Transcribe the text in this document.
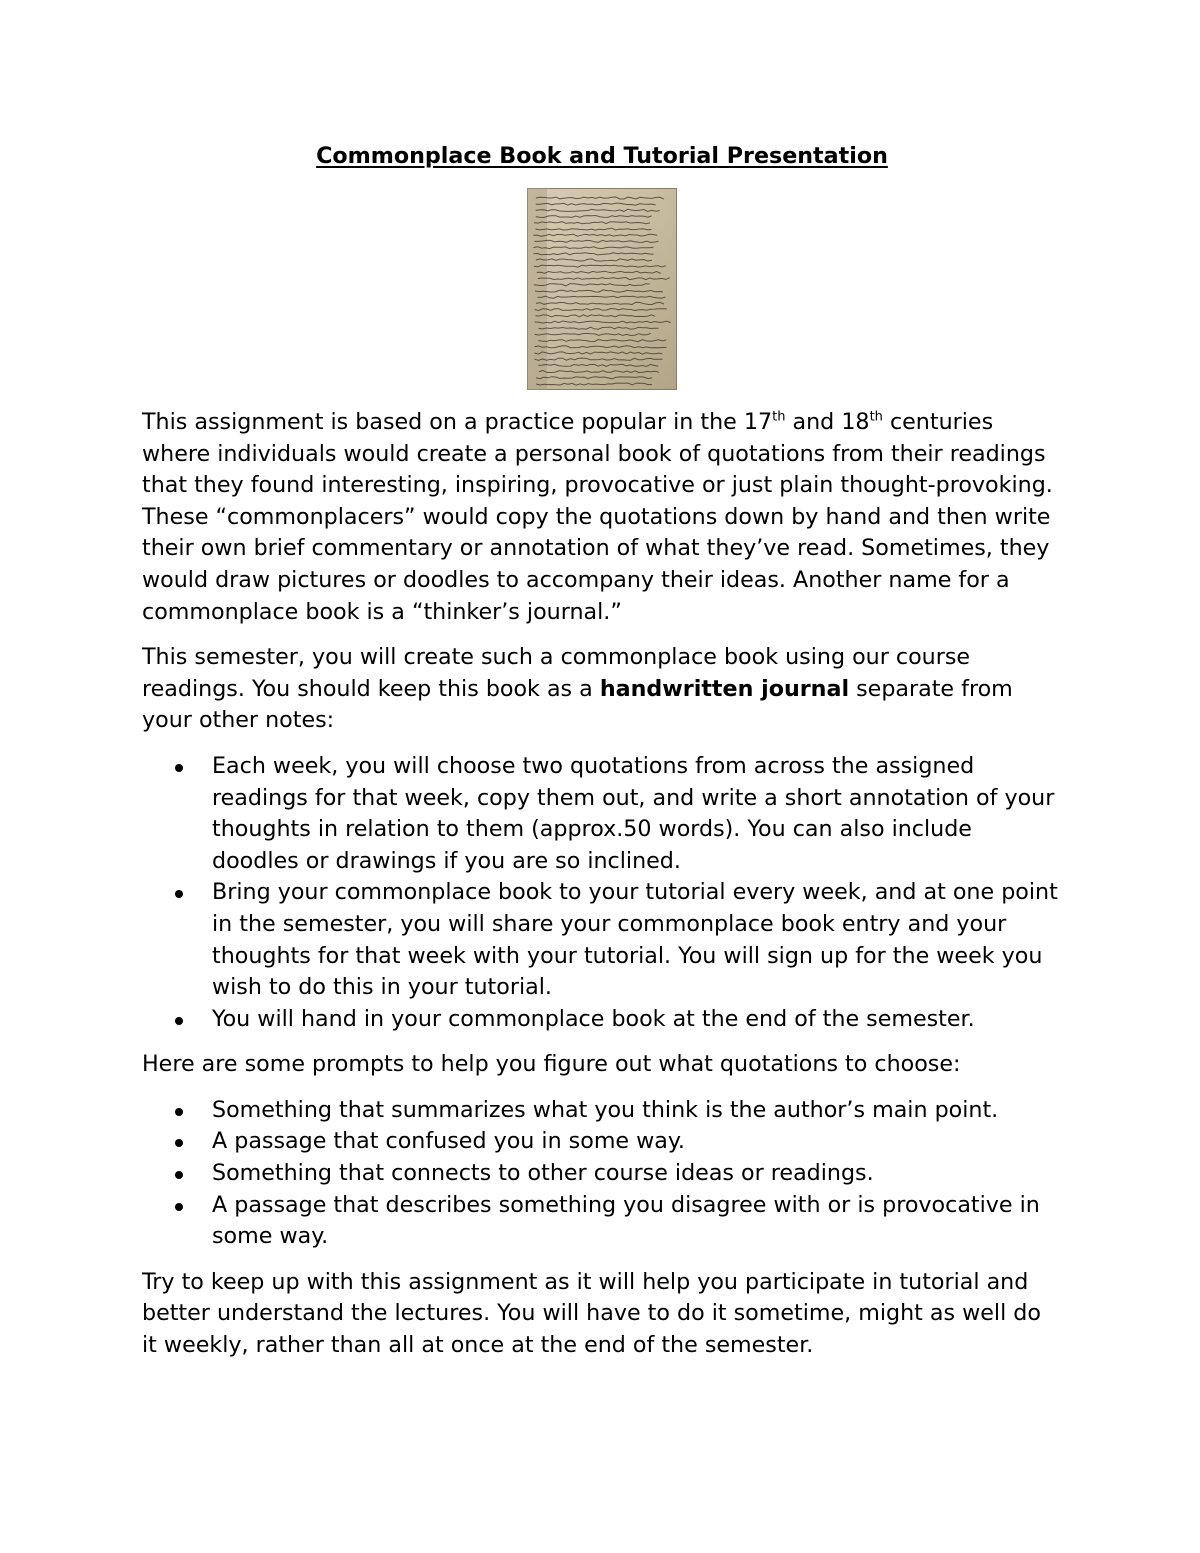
Commonplace Book and Tutorial Presentation

This assignment is based on a practice popular in the 17th and 18th centuries where individuals would create a personal book of quotations from their readings that they found interesting, inspiring, provocative or just plain thought-provoking. These “commonplacers” would copy the quotations down by hand and then write their own brief commentary or annotation of what they’ve read. Sometimes, they would draw pictures or doodles to accompany their ideas. Another name for a commonplace book is a “thinker’s journal.”

This semester, you will create such a commonplace book using our course readings. You should keep this book as a handwritten journal separate from your other notes:

Each week, you will choose two quotations from across the assigned readings for that week, copy them out, and write a short annotation of your thoughts in relation to them (approx.50 words). You can also include doodles or drawings if you are so inclined.
Bring your commonplace book to your tutorial every week, and at one point in the semester, you will share your commonplace book entry and your thoughts for that week with your tutorial. You will sign up for the week you wish to do this in your tutorial.
You will hand in your commonplace book at the end of the semester.

Here are some prompts to help you figure out what quotations to choose:

Something that summarizes what you think is the author’s main point.
A passage that confused you in some way.
Something that connects to other course ideas or readings.
A passage that describes something you disagree with or is provocative in some way.

Try to keep up with this assignment as it will help you participate in tutorial and better understand the lectures. You will have to do it sometime, might as well do it weekly, rather than all at once at the end of the semester.
